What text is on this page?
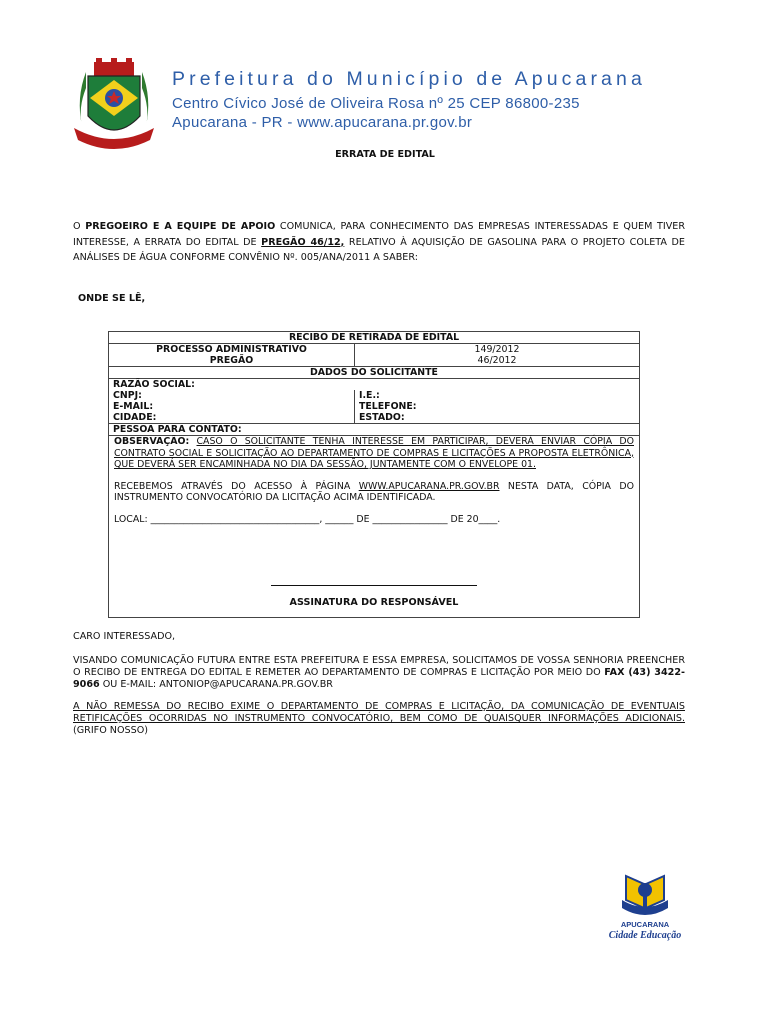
Prefeitura do Município de Apucarana
Centro Cívico José de Oliveira Rosa nº 25 CEP 86800-235
Apucarana - PR - www.apucarana.pr.gov.br
ERRATA DE EDITAL

O PREGOEIRO E A EQUIPE DE APOIO COMUNICA, PARA CONHECIMENTO DAS EMPRESAS INTERESSADAS E QUEM TIVER INTERESSE, A ERRATA DO EDITAL DE PREGÃO 46/12, RELATIVO À AQUISIÇÃO DE GASOLINA PARA O PROJETO COLETA DE ANÁLISES DE ÁGUA CONFORME CONVÊNIO Nº. 005/ANA/2011 A SABER:

ONDE SE LÊ,

RECIBO DE RETIRADA DE EDITAL
PROCESSO ADMINISTRATIVO	149/2012
PREGÃO	46/2012
DADOS DO SOLICITANTE
RAZÃO SOCIAL:
CNPJ:	I.E.:
E-MAIL:	TELEFONE:
CIDADE:	ESTADO:
PESSOA PARA CONTATO:

OBSERVAÇÃO: CASO O SOLICITANTE TENHA INTERESSE EM PARTICIPAR, DEVERÁ ENVIAR CÓPIA DO CONTRATO SOCIAL E SOLICITAÇÃO AO DEPARTAMENTO DE COMPRAS E LICITAÇÕES A PROPOSTA ELETRÔNICA, QUE DEVERÁ SER ENCAMINHADA NO DIA DA SESSÃO, JUNTAMENTE COM O ENVELOPE 01.

RECEBEMOS ATRAVÉS DO ACESSO À PÁGINA WWW.APUCARANA.PR.GOV.BR NESTA DATA, CÓPIA DO INSTRUMENTO CONVOCATÓRIO DA LICITAÇÃO ACIMA IDENTIFICADA.

LOCAL: ____________________________________, ______ DE ________________ DE 20____.

ASSINATURA DO RESPONSÁVEL

CARO INTERESSADO,

VISANDO COMUNICAÇÃO FUTURA ENTRE ESTA PREFEITURA E ESSA EMPRESA, SOLICITAMOS DE VOSSA SENHORIA PREENCHER O RECIBO DE ENTREGA DO EDITAL E REMETER AO DEPARTAMENTO DE COMPRAS E LICITAÇÃO POR MEIO DO FAX (43) 3422-9066 OU E-MAIL: ANTONIOP@APUCARANA.PR.GOV.BR

A NÃO REMESSA DO RECIBO EXIME O DEPARTAMENTO DE COMPRAS E LICITAÇÃO, DA COMUNICAÇÃO DE EVENTUAIS RETIFICAÇÕES OCORRIDAS NO INSTRUMENTO CONVOCATÓRIO, BEM COMO DE QUAISQUER INFORMAÇÕES ADICIONAIS. (GRIFO NOSSO)

APUCARANA
Cidade Educação
